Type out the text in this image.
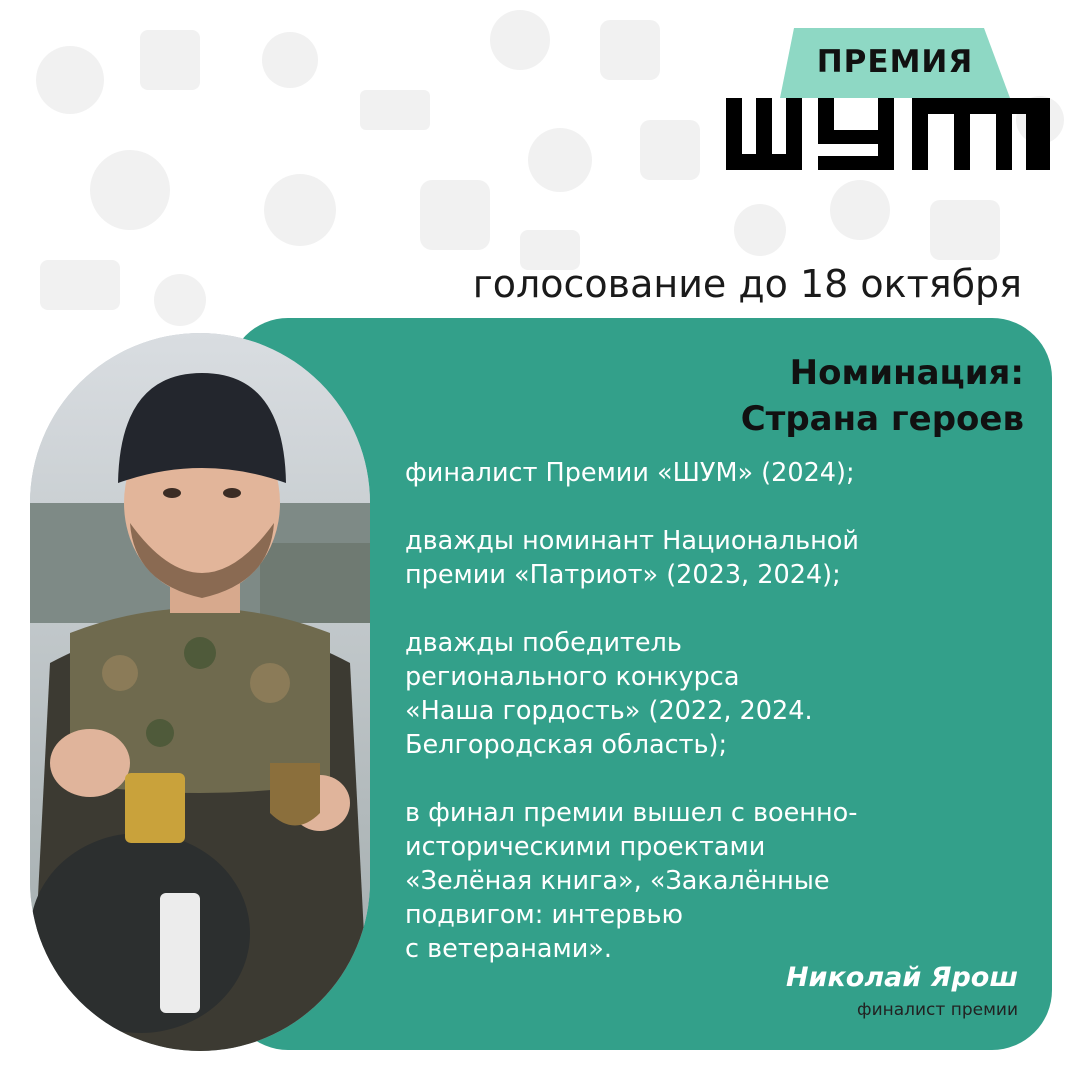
ПРЕМИЯ
голосование до 18 октября
Номинация:
Страна героев

финалист Премии «ШУМ» (2024);

дважды номинант Национальной
премии «Патриот» (2023, 2024);

дважды победитель
регионального конкурса
«Наша гордость» (2022, 2024.
Белгородская область);

в финал премии вышел с военно-
историческими проектами
«Зелёная книга», «Закалённые
подвигом: интервью
с ветеранами».

Николай Ярош
финалист премии
